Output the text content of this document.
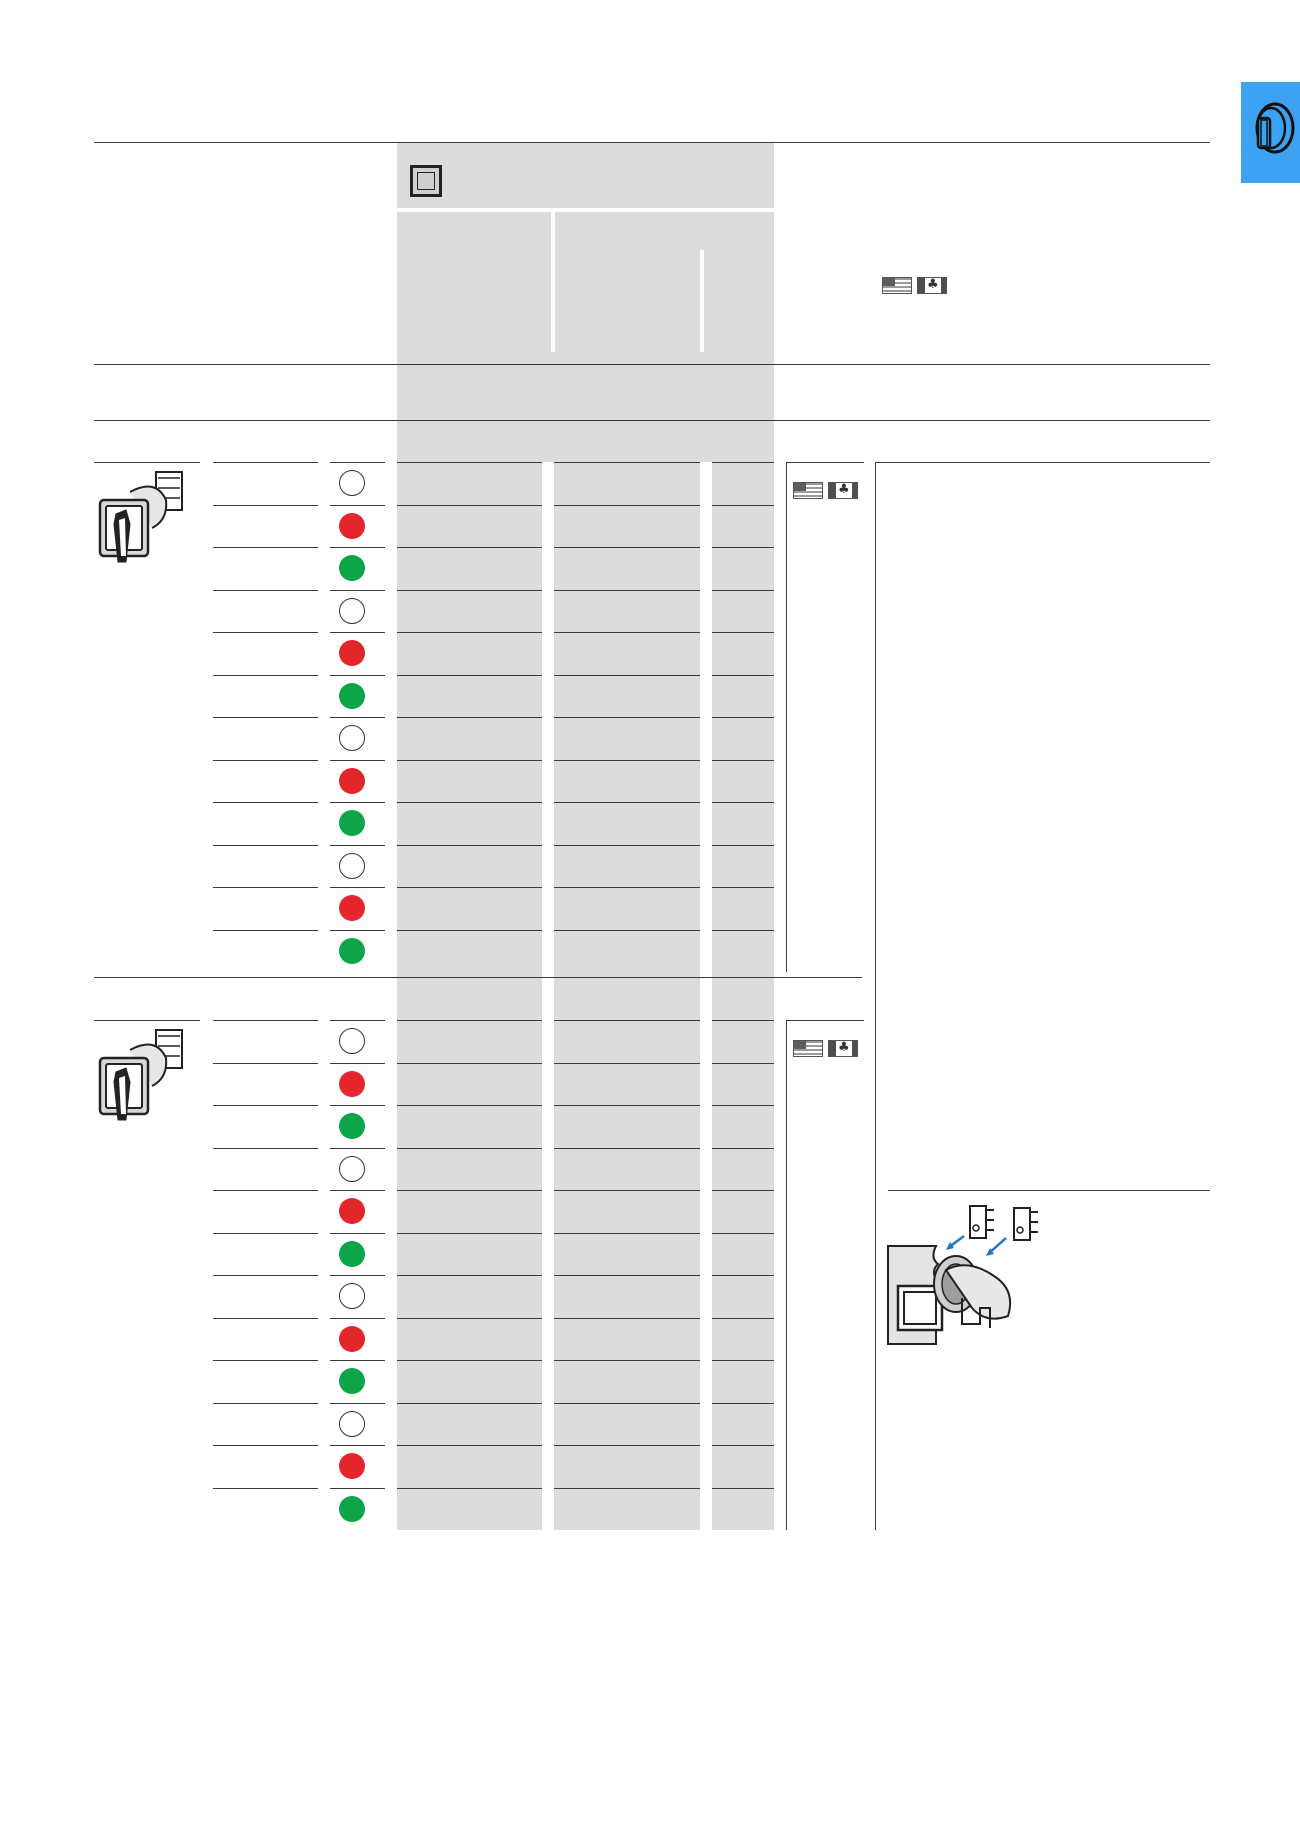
♣
♣
♣
